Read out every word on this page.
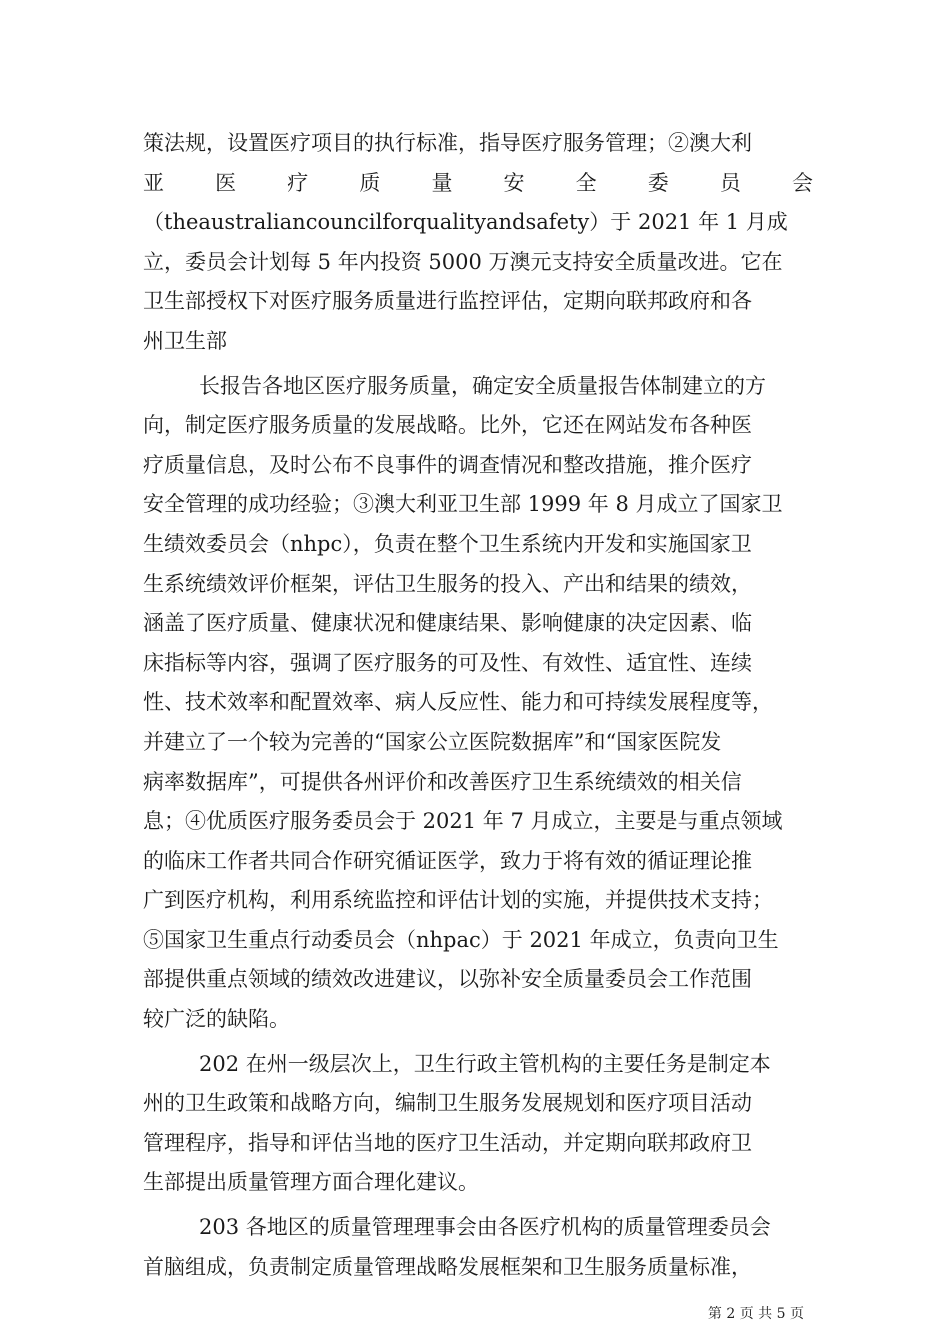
策法规，设置医疗项目的执行标准，指导医疗服务管理；②澳大利
亚 医 疗 质 量 安 全 委 员 会
（theaustraliancouncilforqualityandsafety）于 2021 年 1 月成
立，委员会计划每 5 年内投资 5000 万澳元支持安全质量改进。它在
卫生部授权下对医疗服务质量进行监控评估，定期向联邦政府和各
州卫生部
长报告各地区医疗服务质量，确定安全质量报告体制建立的方
向，制定医疗服务质量的发展战略。比外，它还在网站发布各种医
疗质量信息，及时公布不良事件的调查情况和整改措施，推介医疗
安全管理的成功经验；③澳大利亚卫生部 1999 年 8 月成立了国家卫
生绩效委员会（nhpc），负责在整个卫生系统内开发和实施国家卫
生系统绩效评价框架，评估卫生服务的投入、产出和结果的绩效，
涵盖了医疗质量、健康状况和健康结果、影响健康的决定因素、临
床指标等内容，强调了医疗服务的可及性、有效性、适宜性、连续
性、技术效率和配置效率、病人反应性、能力和可持续发展程度等，
并建立了一个较为完善的“国家公立医院数据库”和“国家医院发
病率数据库”，可提供各州评价和改善医疗卫生系统绩效的相关信
息；④优质医疗服务委员会于 2021 年 7 月成立，主要是与重点领域
的临床工作者共同合作研究循证医学，致力于将有效的循证理论推
广到医疗机构，利用系统监控和评估计划的实施，并提供技术支持；
⑤国家卫生重点行动委员会（nhpac）于 2021 年成立，负责向卫生
部提供重点领域的绩效改进建议，以弥补安全质量委员会工作范围
较广泛的缺陷。
202 在州一级层次上，卫生行政主管机构的主要任务是制定本
州的卫生政策和战略方向，编制卫生服务发展规划和医疗项目活动
管理程序，指导和评估当地的医疗卫生活动，并定期向联邦政府卫
生部提出质量管理方面合理化建议。
203 各地区的质量管理理事会由各医疗机构的质量管理委员会
首脑组成，负责制定质量管理战略发展框架和卫生服务质量标准，
第 2 页 共 5 页
